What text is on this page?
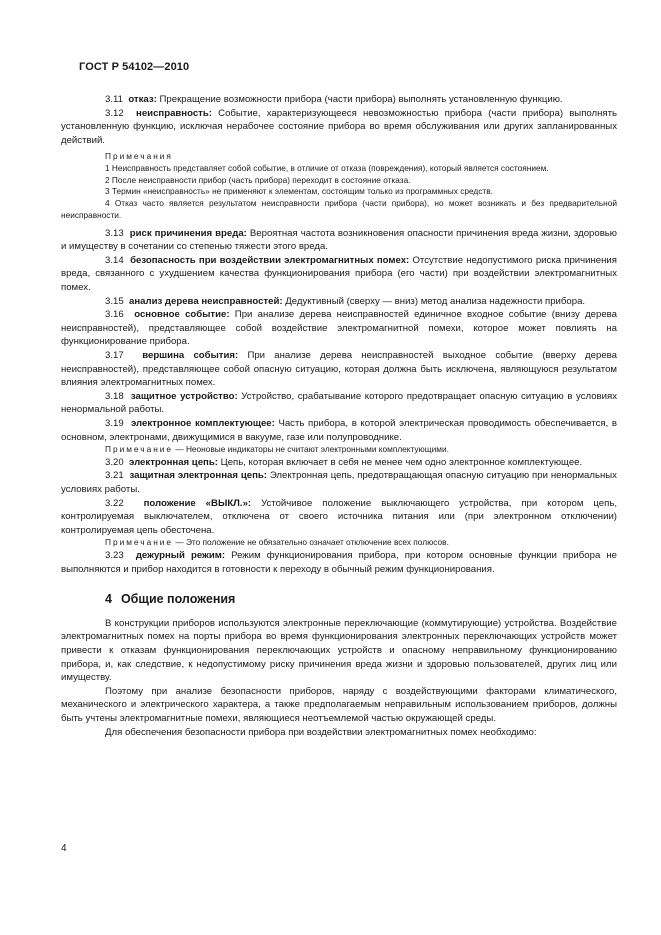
ГОСТ Р 54102—2010

3.11 отказ: Прекращение возможности прибора (части прибора) выполнять установленную функцию.

3.12 неисправность: Событие, характеризующееся невозможностью прибора (части прибора) выполнять установленную функцию, исключая нерабочее состояние прибора во время обслуживания или других запланированных действий.

Примечания

1 Неисправность представляет собой событие, в отличие от отказа (повреждения), который является состоянием.

2 После неисправности прибор (часть прибора) переходит в состояние отказа.

3 Термин «неисправность» не применяют к элементам, состоящим только из программных средств.

4 Отказ часто является результатом неисправности прибора (части прибора), но может возникать и без предварительной неисправности.

3.13 риск причинения вреда: Вероятная частота возникновения опасности причинения вреда жизни, здоровью и имуществу в сочетании со степенью тяжести этого вреда.

3.14 безопасность при воздействии электромагнитных помех: Отсутствие недопустимого риска причинения вреда, связанного с ухудшением качества функционирования прибора (его части) при воздействии электромагнитных помех.

3.15 анализ дерева неисправностей: Дедуктивный (сверху — вниз) метод анализа надежности прибора.

3.16 основное событие: При анализе дерева неисправностей единичное входное событие (внизу дерева неисправностей), представляющее собой воздействие электромагнитной помехи, которое может повлиять на функционирование прибора.

3.17 вершина события: При анализе дерева неисправностей выходное событие (вверху дерева неисправностей), представляющее собой опасную ситуацию, которая должна быть исключена, являющуюся результатом влияния электромагнитных помех.

3.18 защитное устройство: Устройство, срабатывание которого предотвращает опасную ситуацию в условиях ненормальной работы.

3.19 электронное комплектующее: Часть прибора, в которой электрическая проводимость обеспечивается, в основном, электронами, движущимися в вакууме, газе или полупроводнике.

Примечание — Неоновые индикаторы не считают электронными комплектующими.

3.20 электронная цепь: Цепь, которая включает в себя не менее чем одно электронное комплектующее.

3.21 защитная электронная цепь: Электронная цепь, предотвращающая опасную ситуацию при ненормальных условиях работы.

3.22 положение «ВЫКЛ.»: Устойчивое положение выключающего устройства, при котором цепь, контролируемая выключателем, отключена от своего источника питания или (при электронном отключении) контролируемая цепь обесточена.

Примечание — Это положение не обязательно означает отключение всех полюсов.

3.23 дежурный режим: Режим функционирования прибора, при котором основные функции прибора не выполняются и прибор находится в готовности к переходу в обычный режим функционирования.

4 Общие положения

В конструкции приборов используются электронные переключающие (коммутирующие) устройства. Воздействие электромагнитных помех на порты прибора во время функционирования электронных переключающих устройств может привести к отказам функционирования переключающих устройств и опасному неправильному функционированию прибора, и, как следствие, к недопустимому риску причинения вреда жизни и здоровью пользователей, других лиц или имуществу.

Поэтому при анализе безопасности приборов, наряду с воздействующими факторами климатического, механического и электрического характера, а также предполагаемым неправильным использованием приборов, должны быть учтены электромагнитные помехи, являющиеся неотъемлемой частью окружающей среды.

Для обеспечения безопасности прибора при воздействии электромагнитных помех необходимо:

4
